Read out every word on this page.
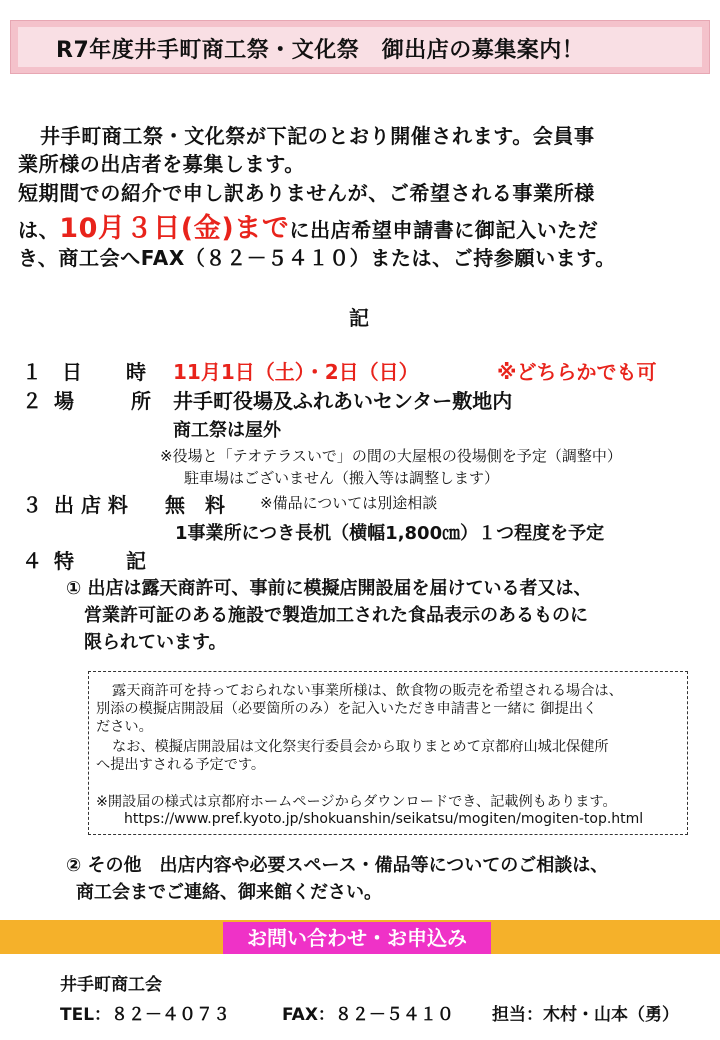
R7年度井手町商工祭・文化祭　御出店の募集案内！
井手町商工祭・文化祭が下記のとおり開催されます。会員事
業所様の出店者を募集します。
短期間での紹介で申し訳ありませんが、ご希望される事業所様
は、10月３日(金)までに出店希望申請書に御記入いただ
き、商工会へFAX（８２－５４１０）または、ご持参願います。
記
１ 日 時 11月1日（土）・2日（日）	※どちらかでも可
２ 場	所 井手町役場及ふれあいセンター敷地内
商工祭は屋外
※役場と「テオテラスいで」の間の大屋根の役場側を予定（調整中）
駐車場はございません（搬入等は調整します）
３ 出 店 料 無　料 ※備品については別途相談
1事業所につき長机（横幅1,800㎝）１つ程度を予定
４ 特	記
① 出店は露天商許可、事前に模擬店開設届を届けている者又は、
営業許可証のある施設で製造加工された食品表示のあるものに
限られています。
露天商許可を持っておられない事業所様は、飲食物の販売を希望される場合は、
別添の模擬店開設届（必要箇所のみ）を記入いただき申請書と一緒に 御提出く
ださい。
なお、模擬店開設届は文化祭実行委員会から取りまとめて京都府山城北保健所
へ提出すされる予定です。
※開設届の様式は京都府ホームページからダウンロードでき、記載例もあります。
https://www.pref.kyoto.jp/shokuanshin/seikatsu/mogiten/mogiten-top.html
② その他　出店内容や必要スペース・備品等についてのご相談は、
商工会までご連絡、御来館ください。
お問い合わせ・お申込み
井手町商工会
TEL：８２－４０７３	FAX：８２－５４１０ 担当：木村・山本（勇）
